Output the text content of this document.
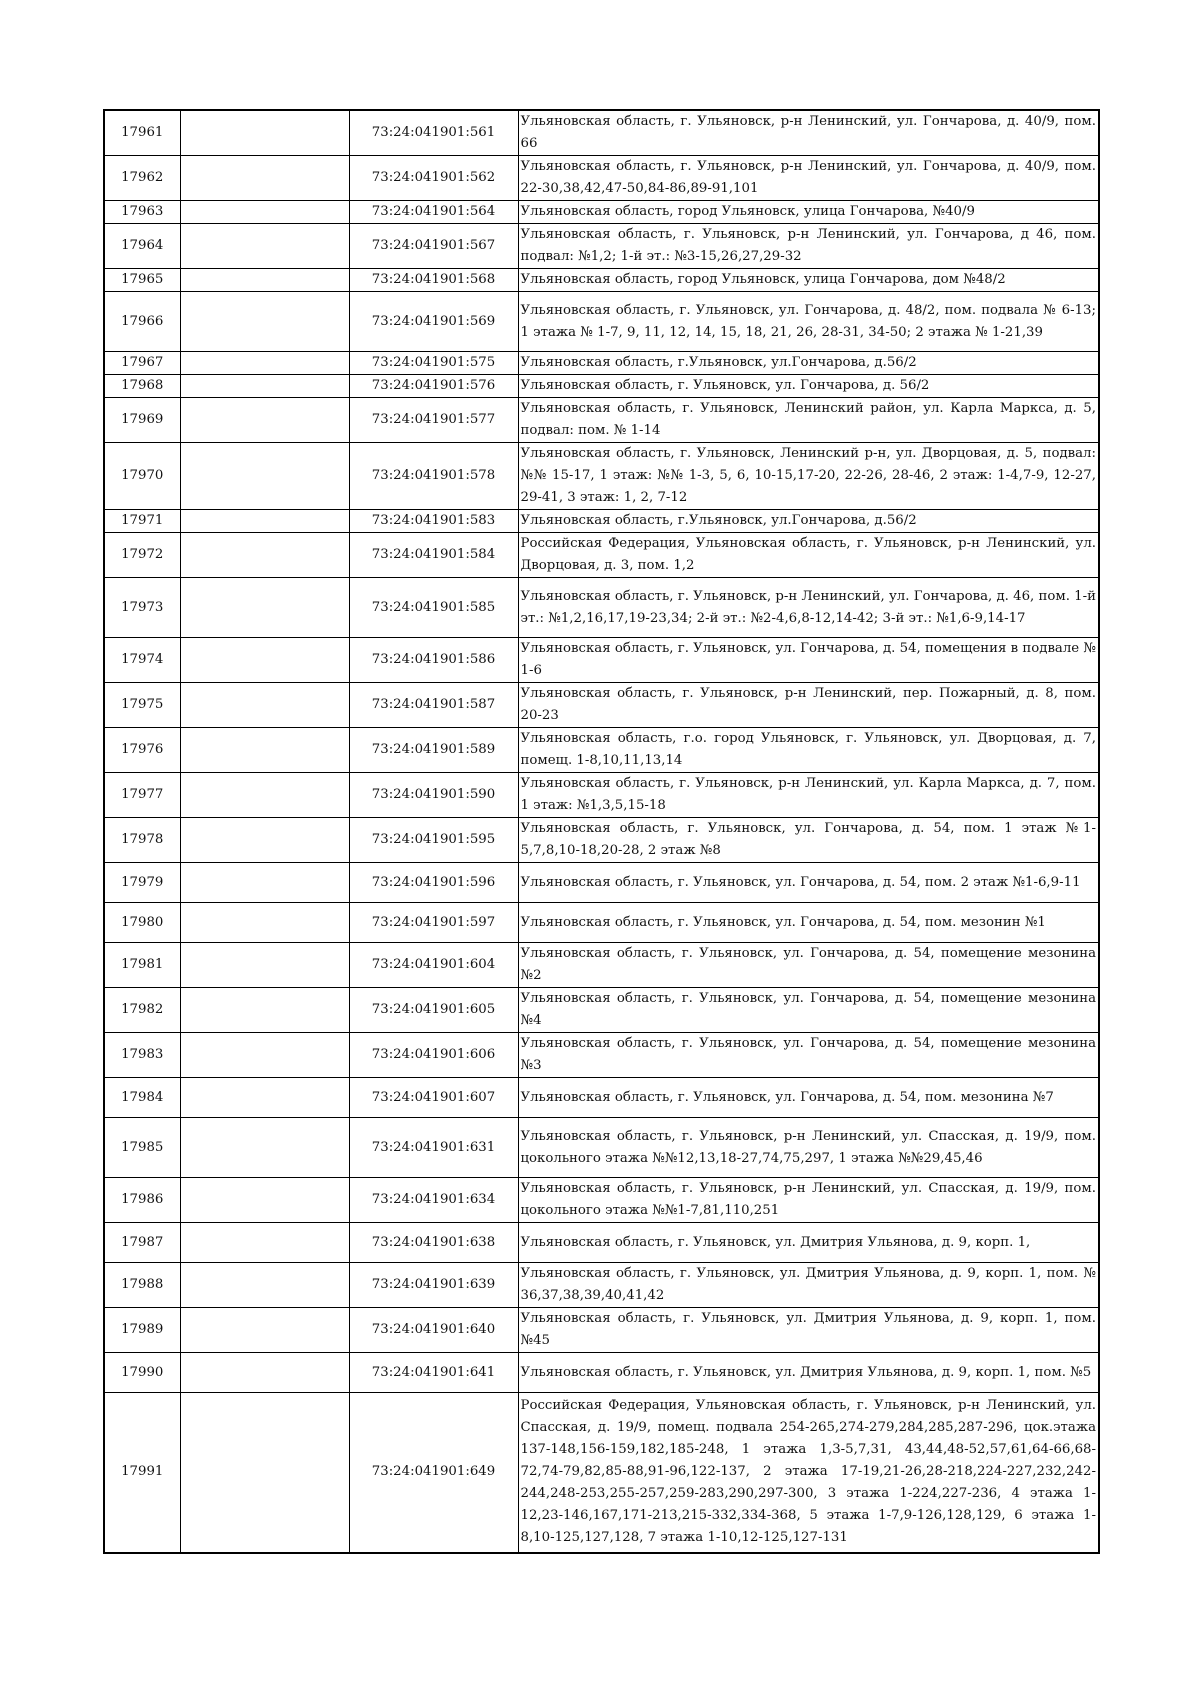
17961		73:24:041901:561	Ульяновская область, г. Ульяновск, р-н Ленинский, ул. Гончарова, д. 40/9, пом. 66
17962		73:24:041901:562	Ульяновская область, г. Ульяновск, р-н Ленинский, ул. Гончарова, д. 40/9, пом. 22-30,38,42,47-50,84-86,89-91,101
17963		73:24:041901:564	Ульяновская область, город Ульяновск, улица Гончарова, №40/9
17964		73:24:041901:567	Ульяновская область, г. Ульяновск, р-н Ленинский, ул. Гончарова, д 46, пом. подвал: №1,2; 1-й эт.: №3-15,26,27,29-32
17965		73:24:041901:568	Ульяновская область, город Ульяновск, улица Гончарова, дом №48/2
17966		73:24:041901:569	Ульяновская область, г. Ульяновск, ул. Гончарова, д. 48/2, пом. подвала № 6-13; 1 этажа № 1-7, 9, 11, 12, 14, 15, 18, 21, 26, 28-31, 34-50; 2 этажа № 1-21,39
17967		73:24:041901:575	Ульяновская область, г.Ульяновск, ул.Гончарова, д.56/2
17968		73:24:041901:576	Ульяновская область, г. Ульяновск, ул. Гончарова, д. 56/2
17969		73:24:041901:577	Ульяновская область, г. Ульяновск, Ленинский район, ул. Карла Маркса, д. 5, подвал: пом. № 1-14
17970		73:24:041901:578	Ульяновская область, г. Ульяновск, Ленинский р-н, ул. Дворцовая, д. 5, подвал: №№ 15-17, 1 этаж: №№ 1-3, 5, 6, 10-15,17-20, 22-26, 28-46, 2 этаж: 1-4,7-9, 12-27, 29-41, 3 этаж: 1, 2, 7-12
17971		73:24:041901:583	Ульяновская область, г.Ульяновск, ул.Гончарова, д.56/2
17972		73:24:041901:584	Российская Федерация, Ульяновская область, г. Ульяновск, р-н Ленинский, ул. Дворцовая, д. 3, пом. 1,2
17973		73:24:041901:585	Ульяновская область, г. Ульяновск, р-н Ленинский, ул. Гончарова, д. 46, пом. 1-й эт.: №1,2,16,17,19-23,34; 2-й эт.: №2-4,6,8-12,14-42; 3-й эт.: №1,6-9,14-17
17974		73:24:041901:586	Ульяновская область, г. Ульяновск, ул. Гончарова, д. 54, помещения в подвале № 1-6
17975		73:24:041901:587	Ульяновская область, г. Ульяновск, р-н Ленинский, пер. Пожарный, д. 8, пом. 20-23
17976		73:24:041901:589	Ульяновская область, г.о. город Ульяновск, г. Ульяновск, ул. Дворцовая, д. 7, помещ. 1-8,10,11,13,14
17977		73:24:041901:590	Ульяновская область, г. Ульяновск, р-н Ленинский, ул. Карла Маркса, д. 7, пом. 1 этаж: №1,3,5,15-18
17978		73:24:041901:595	Ульяновская область, г. Ульяновск, ул. Гончарова, д. 54, пом. 1 этаж №1-5,7,8,10-18,20-28, 2 этаж №8
17979		73:24:041901:596	Ульяновская область, г. Ульяновск, ул. Гончарова, д. 54, пом. 2 этаж №1-6,9-11
17980		73:24:041901:597	Ульяновская область, г. Ульяновск, ул. Гончарова, д. 54, пом. мезонин №1
17981		73:24:041901:604	Ульяновская область, г. Ульяновск, ул. Гончарова, д. 54, помещение мезонина №2
17982		73:24:041901:605	Ульяновская область, г. Ульяновск, ул. Гончарова, д. 54, помещение мезонина №4
17983		73:24:041901:606	Ульяновская область, г. Ульяновск, ул. Гончарова, д. 54, помещение мезонина №3
17984		73:24:041901:607	Ульяновская область, г. Ульяновск, ул. Гончарова, д. 54, пом. мезонина №7
17985		73:24:041901:631	Ульяновская область, г. Ульяновск, р-н Ленинский, ул. Спасская, д. 19/9, пом. цокольного этажа №№12,13,18-27,74,75,297, 1 этажа №№29,45,46
17986		73:24:041901:634	Ульяновская область, г. Ульяновск, р-н Ленинский, ул. Спасская, д. 19/9, пом. цокольного этажа №№1-7,81,110,251
17987		73:24:041901:638	Ульяновская область, г. Ульяновск, ул. Дмитрия Ульянова, д. 9, корп. 1,
17988		73:24:041901:639	Ульяновская область, г. Ульяновск, ул. Дмитрия Ульянова, д. 9, корп. 1, пом. № 36,37,38,39,40,41,42
17989		73:24:041901:640	Ульяновская область, г. Ульяновск, ул. Дмитрия Ульянова, д. 9, корп. 1, пом. №45
17990		73:24:041901:641	Ульяновская область, г. Ульяновск, ул. Дмитрия Ульянова, д. 9, корп. 1, пом. №5
17991		73:24:041901:649	Российская Федерация, Ульяновская область, г. Ульяновск, р-н Ленинский, ул. Спасская, д. 19/9, помещ. подвала 254-265,274-279,284,285,287-296, цок.этажа 137-148,156-159,182,185-248, 1 этажа 1,3-5,7,31, 43,44,48-52,57,61,64-66,68-72,74-79,82,85-88,91-96,122-137, 2 этажа 17-19,21-26,28-218,224-227,232,242-244,248-253,255-257,259-283,290,297-300, 3 этажа 1-224,227-236, 4 этажа 1-12,23-146,167,171-213,215-332,334-368, 5 этажа 1-7,9-126,128,129, 6 этажа 1-8,10-125,127,128, 7 этажа 1-10,12-125,127-131
